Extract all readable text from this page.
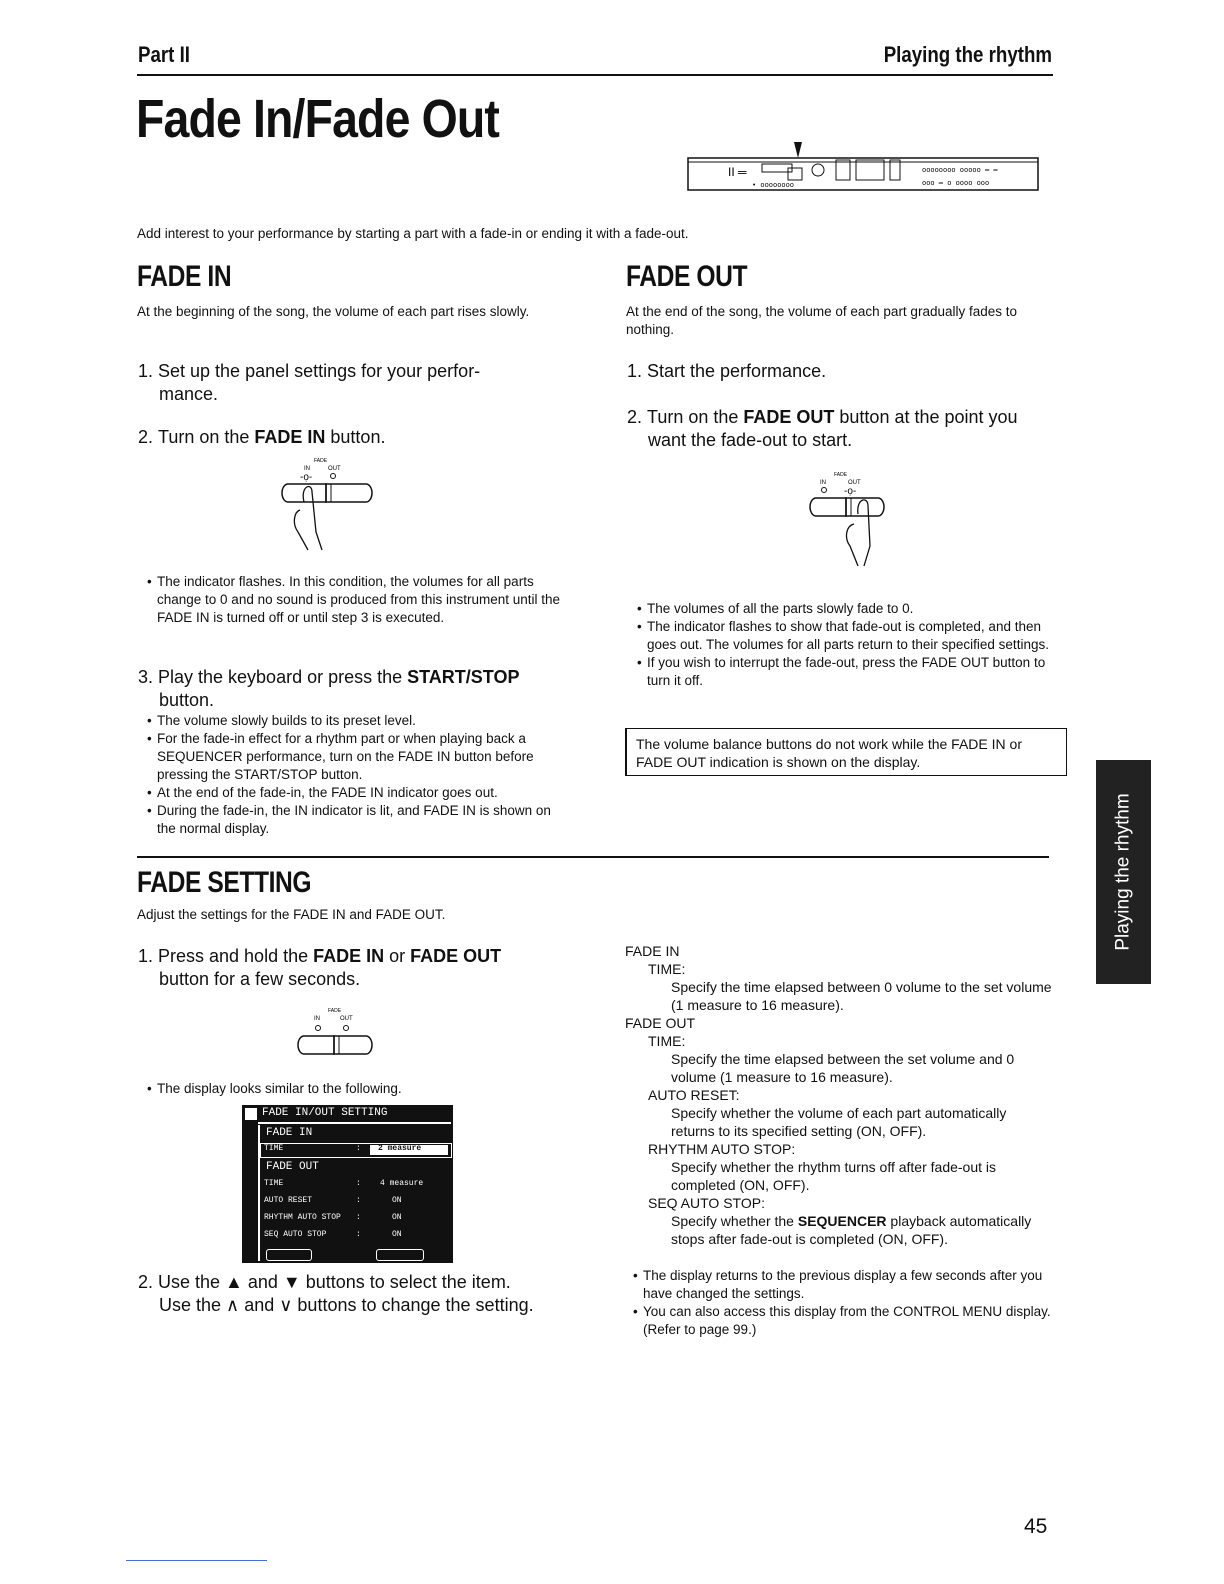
Part II	Playing the rhythm
Fade In/Fade Out
II ═
• oooooooo
oooooooo ooooo ═ ═
ooo ═ o oooo ooo
Add interest to your performance by starting a part with a fade-in or ending it with a fade-out.
FADE IN
At the beginning of the song, the volume of each part rises slowly.
1. Set up the panel settings for your perfor-
mance.
2. Turn on the FADE IN button.
FADE
IN	OUT
-ọ-
• The indicator flashes. In this condition, the volumes for all parts change to 0 and no sound is produced from this instrument until the FADE IN is turned off or until step 3 is executed.
3. Play the keyboard or press the START/STOP
button.
• The volume slowly builds to its preset level.
• For the fade-in effect for a rhythm part or when playing back a SEQUENCER performance, turn on the FADE IN button before pressing the START/STOP button.
• At the end of the fade-in, the FADE IN indicator goes out.
• During the fade-in, the IN indicator is lit, and FADE IN is shown on the normal display.
FADE OUT
At the end of the song, the volume of each part gradually fades to nothing.
1. Start the performance.
2. Turn on the FADE OUT button at the point you
want the fade-out to start.
FADE
IN	OUT
-ọ-
• The volumes of all the parts slowly fade to 0.
• The indicator flashes to show that fade-out is completed, and then goes out. The volumes for all parts return to their specified settings.
• If you wish to interrupt the fade-out, press the FADE OUT button to turn it off.
The volume balance buttons do not work while the FADE IN or FADE OUT indication is shown on the display.
Playing the rhythm
FADE SETTING
Adjust the settings for the FADE IN and FADE OUT.
1. Press and hold the FADE IN or FADE OUT
button for a few seconds.
FADE
IN	OUT
• The display looks similar to the following.
FADE IN/OUT SETTING
FADE IN
TIME	: 2 measure
FADE OUT
TIME	: 4 measure
AUTO RESET	:	ON
RHYTHM AUTO STOP :	ON
SEQ AUTO STOP	:	ON
2. Use the ▲ and ▼ buttons to select the item.
Use the ∧ and ∨ buttons to change the setting.
FADE IN
TIME:
Specify the time elapsed between 0 volume to the set volume (1 measure to 16 measure).
FADE OUT
TIME:
Specify the time elapsed between the set volume and 0 volume (1 measure to 16 measure).
AUTO RESET:
Specify whether the volume of each part automatically returns to its specified setting (ON, OFF).
RHYTHM AUTO STOP:
Specify whether the rhythm turns off after fade-out is completed (ON, OFF).
SEQ AUTO STOP:
Specify whether the SEQUENCER playback automatically stops after fade-out is completed (ON, OFF).
• The display returns to the previous display a few seconds after you have changed the settings.
• You can also access this display from the CONTROL MENU display. (Refer to page 99.)
45
